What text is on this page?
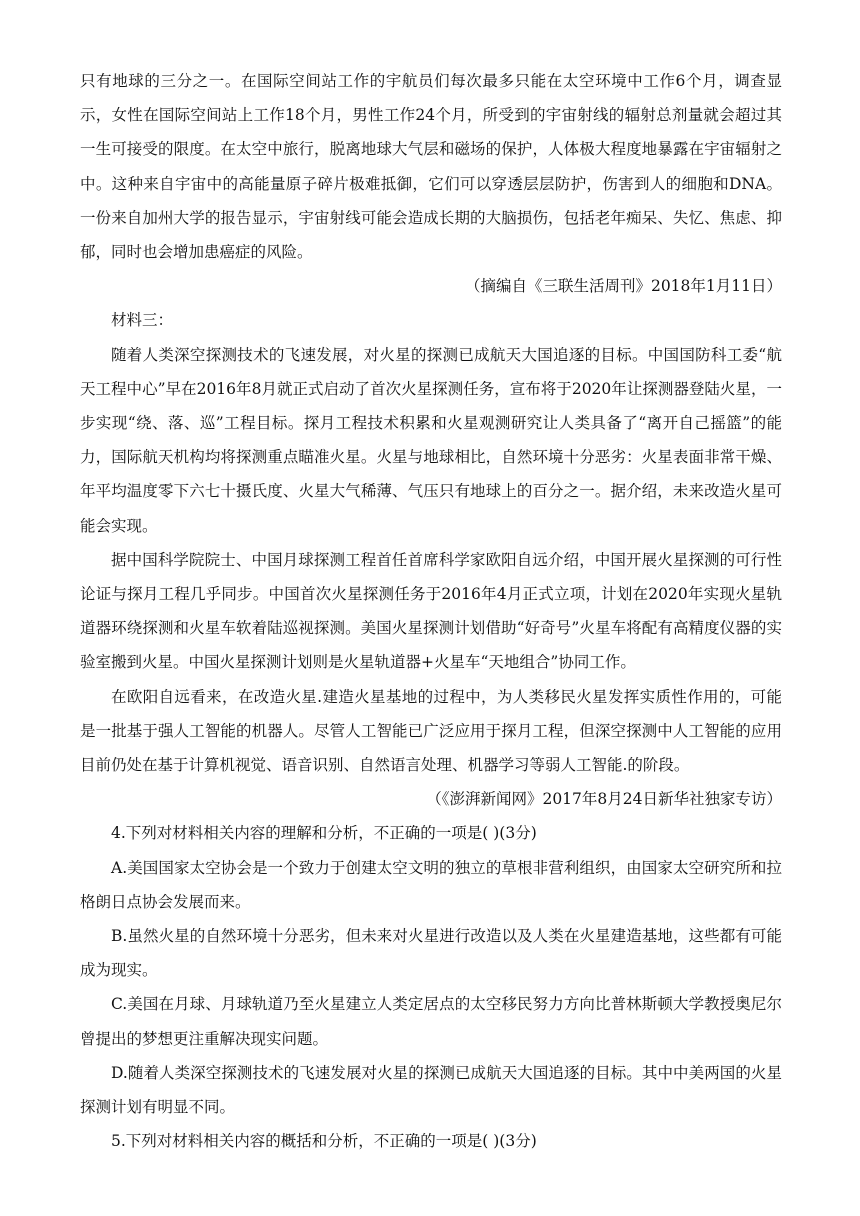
只有地球的三分之一。在国际空间站工作的宇航员们每次最多只能在太空环境中工作6个月，调查显示，女性在国际空间站上工作18个月，男性工作24个月，所受到的宇宙射线的辐射总剂量就会超过其一生可接受的限度。在太空中旅行，脱离地球大气层和磁场的保护，人体极大程度地暴露在宇宙辐射之中。这种来自宇宙中的高能量原子碎片极难抵御，它们可以穿透层层防护，伤害到人的细胞和DNA。一份来自加州大学的报告显示，宇宙射线可能会造成长期的大脑损伤，包括老年痴呆、失忆、焦虑、抑郁，同时也会增加患癌症的风险。

（摘编自《三联生活周刊》2018年1月11日）

材料三：

随着人类深空探测技术的飞速发展，对火星的探测已成航天大国追逐的目标。中国国防科工委“航天工程中心”早在2016年8月就正式启动了首次火星探测任务，宣布将于2020年让探测器登陆火星，一步实现“绕、落、巡”工程目标。探月工程技术积累和火星观测研究让人类具备了“离开自己摇篮”的能力，国际航天机构均将探测重点瞄准火星。火星与地球相比，自然环境十分恶劣：火星表面非常干燥、年平均温度零下六七十摄氏度、火星大气稀薄、气压只有地球上的百分之一。据介绍，未来改造火星可能会实现。

据中国科学院院士、中国月球探测工程首任首席科学家欧阳自远介绍，中国开展火星探测的可行性论证与探月工程几乎同步。中国首次火星探测任务于2016年4月正式立项，计划在2020年实现火星轨道器环绕探测和火星车软着陆巡视探测。美国火星探测计划借助“好奇号”火星车将配有高精度仪器的实验室搬到火星。中国火星探测计划则是火星轨道器+火星车“天地组合”协同工作。

在欧阳自远看来，在改造火星.建造火星基地的过程中，为人类移民火星发挥实质性作用的，可能是一批基于强人工智能的机器人。尽管人工智能已广泛应用于探月工程，但深空探测中人工智能的应用目前仍处在基于计算机视觉、语音识别、自然语言处理、机器学习等弱人工智能.的阶段。

（《澎湃新闻网》2017年8月24日新华社独家专访）

4.下列对材料相关内容的理解和分析，不正确的一项是( )(3分)

A.美国国家太空协会是一个致力于创建太空文明的独立的草根非营利组织，由国家太空研究所和拉格朗日点协会发展而来。

B.虽然火星的自然环境十分恶劣，但未来对火星进行改造以及人类在火星建造基地，这些都有可能成为现实。

C.美国在月球、月球轨道乃至火星建立人类定居点的太空移民努力方向比普林斯顿大学教授奥尼尔曾提出的梦想更注重解决现实问题。

D.随着人类深空探测技术的飞速发展对火星的探测已成航天大国追逐的目标。其中中美两国的火星探测计划有明显不同。

5.下列对材料相关内容的概括和分析，不正确的一项是( )(3分)
